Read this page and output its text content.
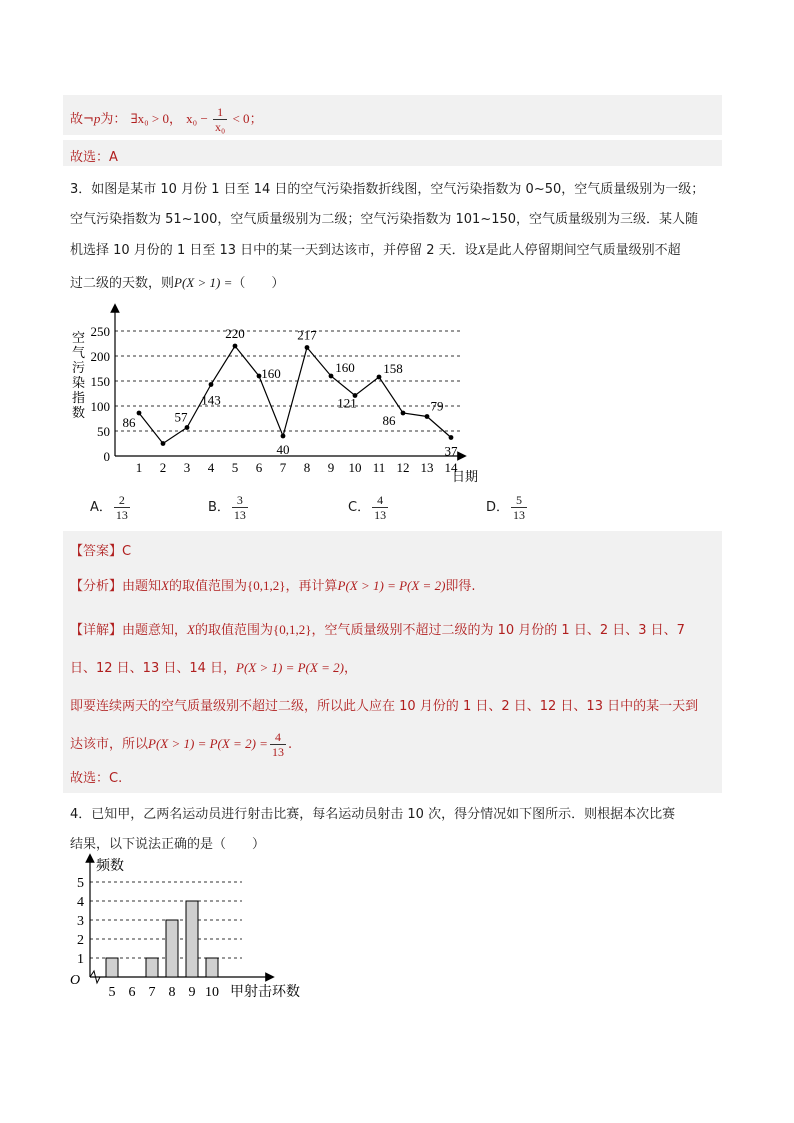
故¬p为： ∃x₀ > 0， $x_0 - \frac{1}{\text{x₀}} < 0$；
故选：A
3．如图是某市 10 月份 1 日至 14 日的空气污染指数折线图，空气污染指数为 0~50，空气质量级别为一级；
空气污染指数为 51~100，空气质量级别为二级；空气污染指数为 101~150，空气质量级别为三级．某人随
机选择 10 月份的 1 日至 13 日中的某一天到达该市，并停留 2 天．设X是此人停留期间空气质量级别不超
过二级的天数，则P(X > 1) =（　　）
0
50
100
150
200
250
1 2 3 4 5 6 7 8 9 10 11 12 13 14
86	57
143
220
160
40
217
160
121
158
86
79
37
空气污染指数
日期
A． $\frac{2}{13}$	B． $\frac{3}{13}$	C． $\frac{4}{13}$	D． $\frac{5}{13}$
【答案】C
【分析】由题知X的取值范围为{0,1,2}，再计算P(X > 1) = P(X = 2)即得.
【详解】由题意知，X的取值范围为{0,1,2}，空气质量级别不超过二级的为 10 月份的 1 日、2 日、3 日、7
日、12 日、13 日、14 日，P(X > 1) = P(X = 2)，
即要连续两天的空气质量级别不超过二级，所以此人应在 10 月份的 1 日、2 日、12 日、13 日中的某一天到
达该市，所以$P(X > 1) = P(X = 2) = \frac{4}{13}$ .
故选：C.
4．已知甲，乙两名运动员进行射击比赛，每名运动员射击 10 次，得分情况如下图所示．则根据本次比赛
结果，以下说法正确的是（　　）
1
2
3
4
5
5 6 7 8 9 10
频数
O
甲射击环数
